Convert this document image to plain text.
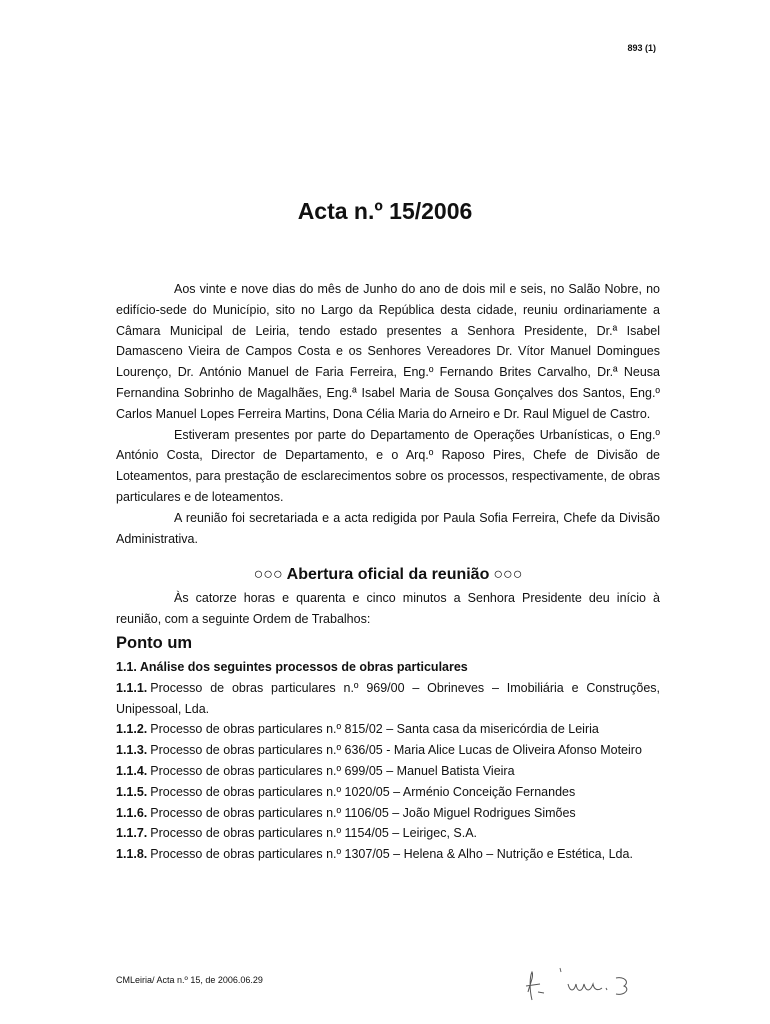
893 (1)
Acta n.º 15/2006

Aos vinte e nove dias do mês de Junho do ano de dois mil e seis, no Salão Nobre, no edifício-sede do Município, sito no Largo da República desta cidade, reuniu ordinariamente a Câmara Municipal de Leiria, tendo estado presentes a Senhora Presidente, Dr.ª Isabel Damasceno Vieira de Campos Costa e os Senhores Vereadores Dr. Vítor Manuel Domingues Lourenço, Dr. António Manuel de Faria Ferreira, Eng.º Fernando Brites Carvalho, Dr.ª Neusa Fernandina Sobrinho de Magalhães, Eng.ª Isabel Maria de Sousa Gonçalves dos Santos, Eng.º Carlos Manuel Lopes Ferreira Martins, Dona Célia Maria do Arneiro e Dr. Raul Miguel de Castro.

Estiveram presentes por parte do Departamento de Operações Urbanísticas, o Eng.º António Costa, Director de Departamento, e o Arq.º Raposo Pires, Chefe de Divisão de Loteamentos, para prestação de esclarecimentos sobre os processos, respectivamente, de obras particulares e de loteamentos.

A reunião foi secretariada e a acta redigida por Paula Sofia Ferreira, Chefe da Divisão Administrativa.

○○○ Abertura oficial da reunião ○○○

Às catorze horas e quarenta e cinco minutos a Senhora Presidente deu início à reunião, com a seguinte Ordem de Trabalhos:

Ponto um
1.1. Análise dos seguintes processos de obras particulares
1.1.1. Processo de obras particulares n.º 969/00 – Obrineves – Imobiliária e Construções, Unipessoal, Lda.
1.1.2. Processo de obras particulares n.º 815/02 – Santa casa da misericórdia de Leiria
1.1.3. Processo de obras particulares n.º 636/05 - Maria Alice Lucas de Oliveira Afonso Moteiro
1.1.4. Processo de obras particulares n.º 699/05 – Manuel Batista Vieira
1.1.5. Processo de obras particulares n.º 1020/05 – Arménio Conceição Fernandes
1.1.6. Processo de obras particulares n.º 1106/05 – João Miguel Rodrigues Simões
1.1.7. Processo de obras particulares n.º 1154/05 – Leirigec, S.A.
1.1.8. Processo de obras particulares n.º 1307/05 – Helena & Alho – Nutrição e Estética, Lda.
CMLeiria/ Acta n.º 15, de 2006.06.29
